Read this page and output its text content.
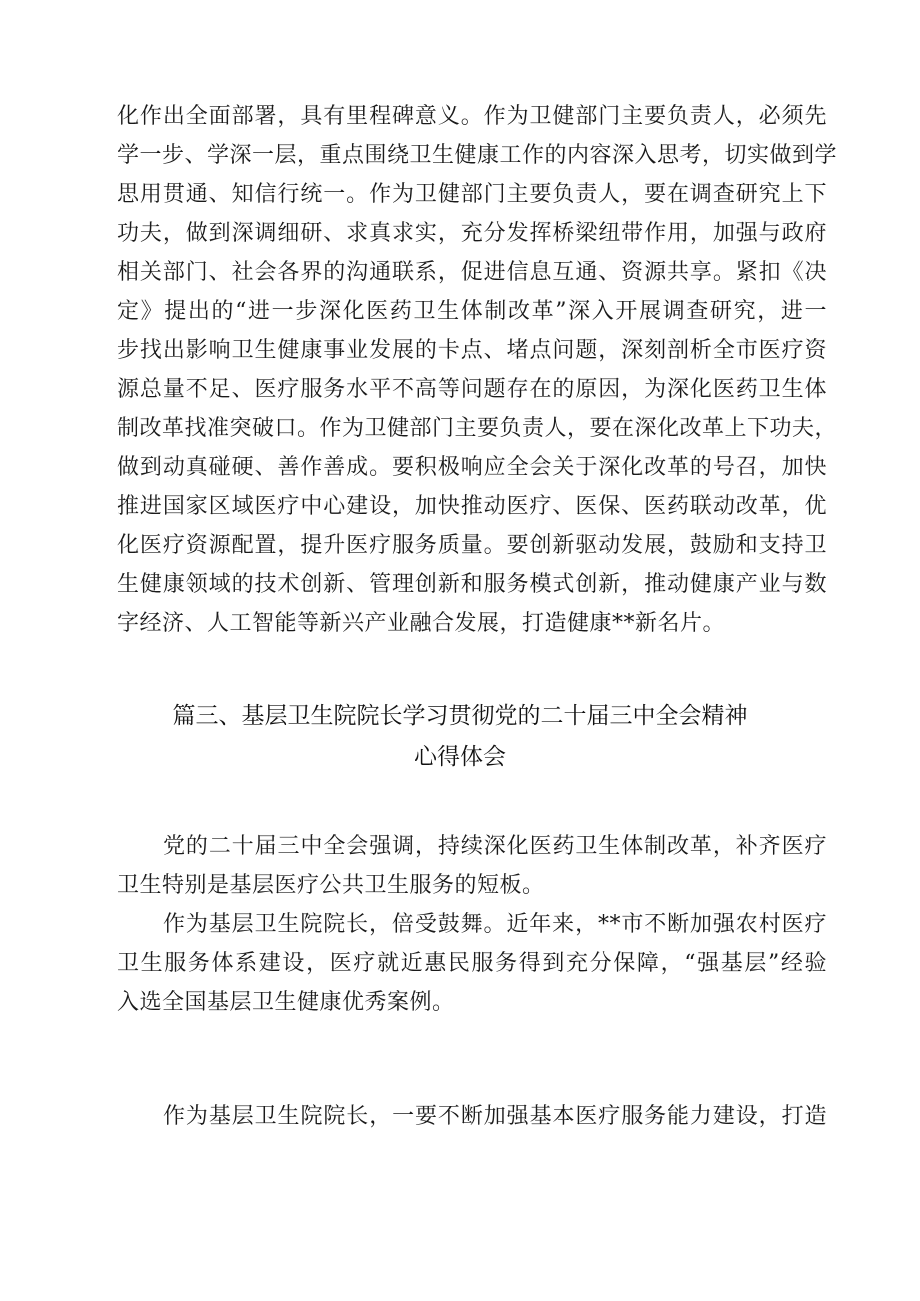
化作出全面部署，具有里程碑意义。作为卫健部门主要负责人，必须先
学一步、学深一层，重点围绕卫生健康工作的内容深入思考，切实做到学
思用贯通、知信行统一。作为卫健部门主要负责人，要在调查研究上下
功夫，做到深调细研、求真求实，充分发挥桥梁纽带作用，加强与政府
相关部门、社会各界的沟通联系，促进信息互通、资源共享。紧扣《决
定》提出的“进一步深化医药卫生体制改革”深入开展调查研究，进一
步找出影响卫生健康事业发展的卡点、堵点问题，深刻剖析全市医疗资
源总量不足、医疗服务水平不高等问题存在的原因，为深化医药卫生体
制改革找准突破口。作为卫健部门主要负责人，要在深化改革上下功夫，
做到动真碰硬、善作善成。要积极响应全会关于深化改革的号召，加快
推进国家区域医疗中心建设，加快推动医疗、医保、医药联动改革，优
化医疗资源配置，提升医疗服务质量。要创新驱动发展，鼓励和支持卫
生健康领域的技术创新、管理创新和服务模式创新，推动健康产业与数
字经济、人工智能等新兴产业融合发展，打造健康**新名片。
篇三、基层卫生院院长学习贯彻党的二十届三中全会精神
心得体会
党的二十届三中全会强调，持续深化医药卫生体制改革，补齐医疗
卫生特别是基层医疗公共卫生服务的短板。
作为基层卫生院院长，倍受鼓舞。近年来，**市不断加强农村医疗
卫生服务体系建设，医疗就近惠民服务得到充分保障，“强基层”经验
入选全国基层卫生健康优秀案例。
作为基层卫生院院长，一要不断加强基本医疗服务能力建设，打造
